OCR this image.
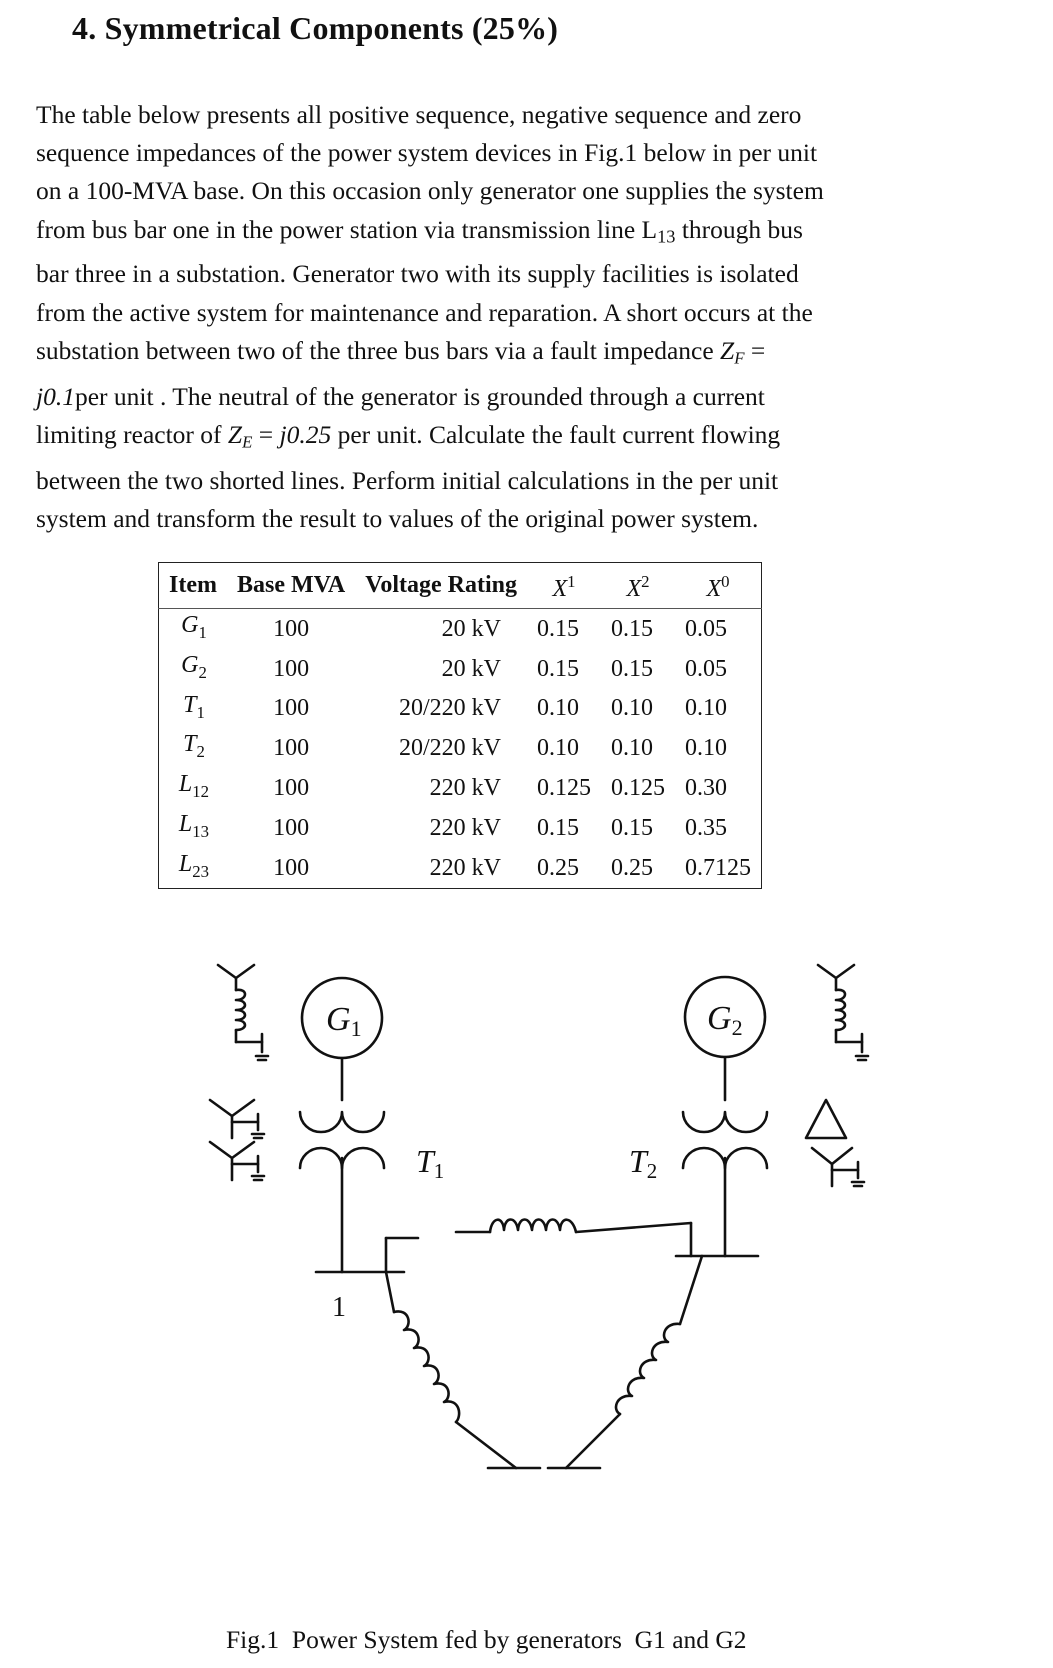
4. Symmetrical Components (25%)

The table below presents all positive sequence, negative sequence and zero
sequence impedances of the power system devices in Fig.1 below in per unit
on a 100-MVA base. On this occasion only generator one supplies the system
from bus bar one in the power station via transmission line $L_{13}$ through bus
bar three in a substation. Generator two with its supply facilities is isolated
from the active system for maintenance and reparation. A short occurs at the
substation between two of the three bus bars via a fault impedance ZF =
j0.1per unit . The neutral of the generator is grounded through a current
limiting reactor of ZE = j0.25 per unit. Calculate the fault current flowing
between the two shorted lines. Perform initial calculations in the per unit
system and transform the result to values of the original power system.

Item	Base MVA	Voltage Rating	$X^1$	$X^2$	$X^0$
$G_1$	100	20 kV	0.15	0.15	0.05
$G_2$	100	20 kV	0.15	0.15	0.05
$T_1$	100	20/220 kV	0.10	0.10	0.10
$T_2$	100	20/220 kV	0.10	0.10	0.10
$L_{12}$	100	220 kV	0.125	0.125	0.30
$L_{13}$	100	220 kV	0.15	0.15	0.35
$L_{23}$	100	220 kV	0.25	0.25	0.7125
G1
T1
1
G2
T2

Fig.1  Power System fed by generators  G1 and G2
